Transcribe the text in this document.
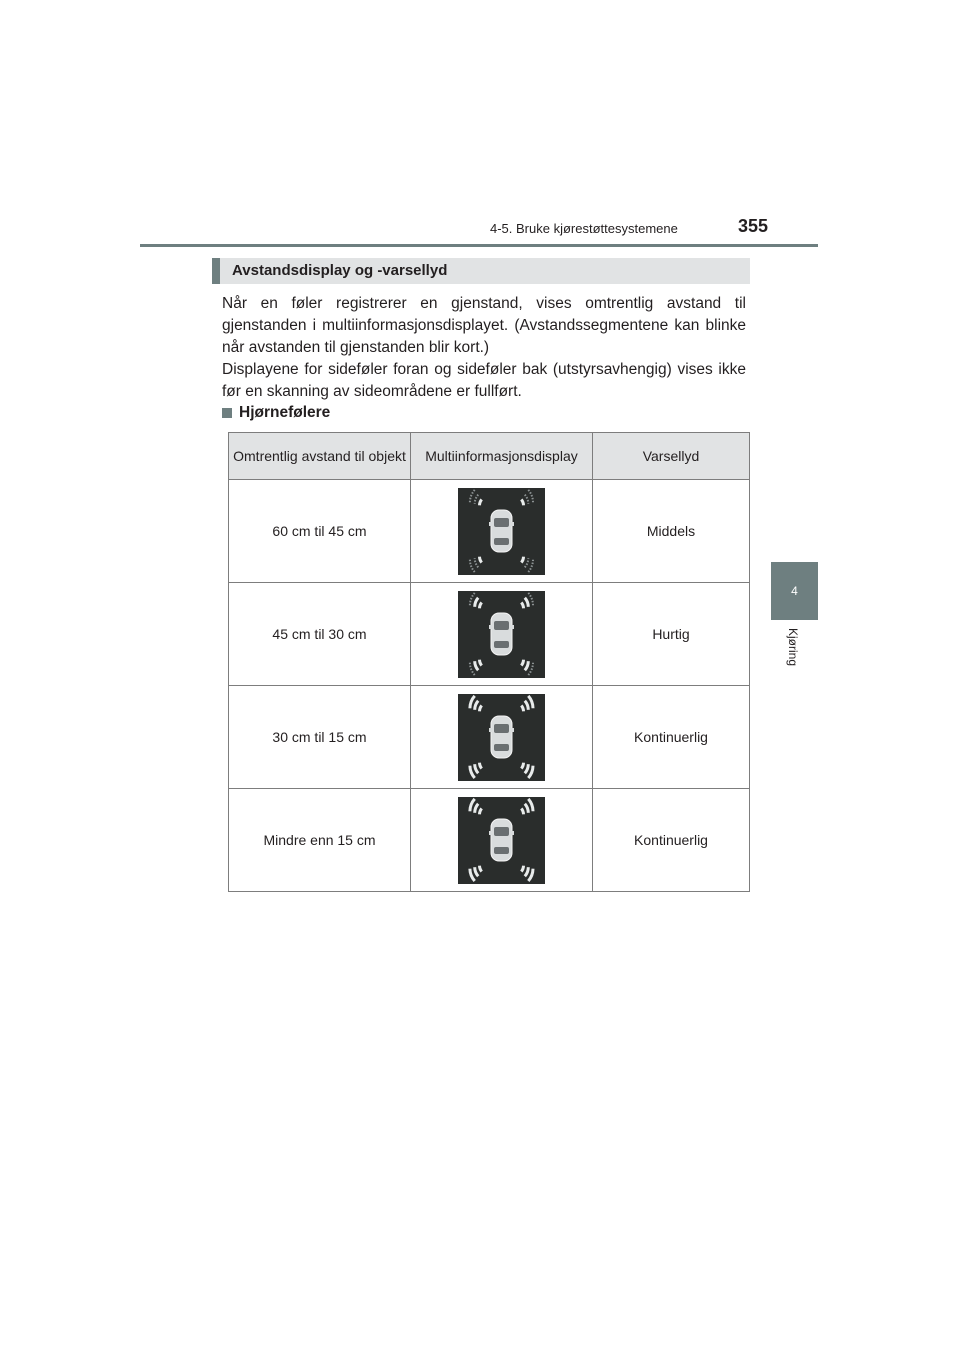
4-5. Bruke kjørestøttesystemene	355
4
Kjøring
Avstandsdisplay og -varsellyd

Når en føler registrerer en gjenstand, vises omtrentlig avstand til gjenstanden i multiinformasjonsdisplayet. (Avstandssegmentene kan blinke når avstanden til gjenstanden blir kort.)

Displayene for sideføler foran og sideføler bak (utstyrsavhengig) vises ikke før en skanning av sideområdene er fullført.

Hjørnefølere
Omtrentlig avstand til objekt	Multiinformasjonsdisplay	Varsellyd

60 cm til 45 cm		Middels

45 cm til 30 cm		Hurtig

30 cm til 15 cm		Kontinuerlig

Mindre enn 15 cm		Kontinuerlig
